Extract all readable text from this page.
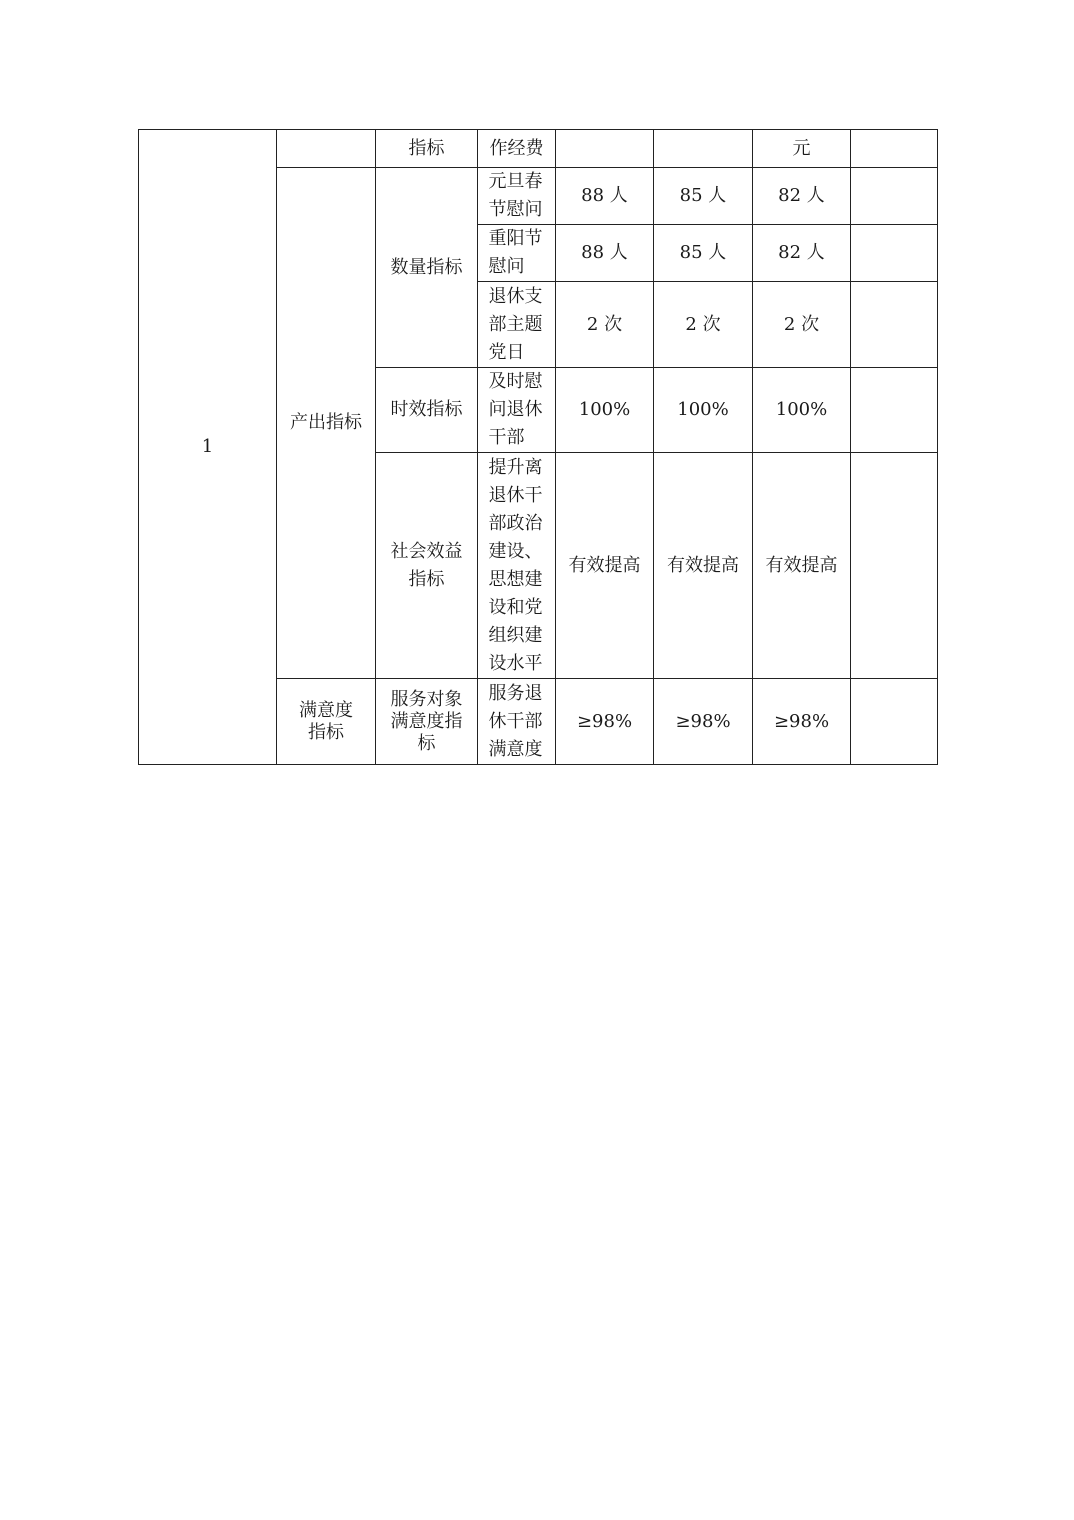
1		指标	作经费			元	
	产出指标	数量指标	元旦春节慰问	88 人	85 人	82 人	
			重阳节慰问	88 人	85 人	82 人	
			退休支部主题党日	2 次	2 次	2 次	
		时效指标	及时慰问退休干部	100%	100%	100%	
		社会效益指标	提升离退休干部政治建设、思想建设和党组织建设水平	有效提高	有效提高	有效提高	
	满意度指标	服务对象满意度指标	服务退休干部满意度	≥98%	≥98%	≥98%	
